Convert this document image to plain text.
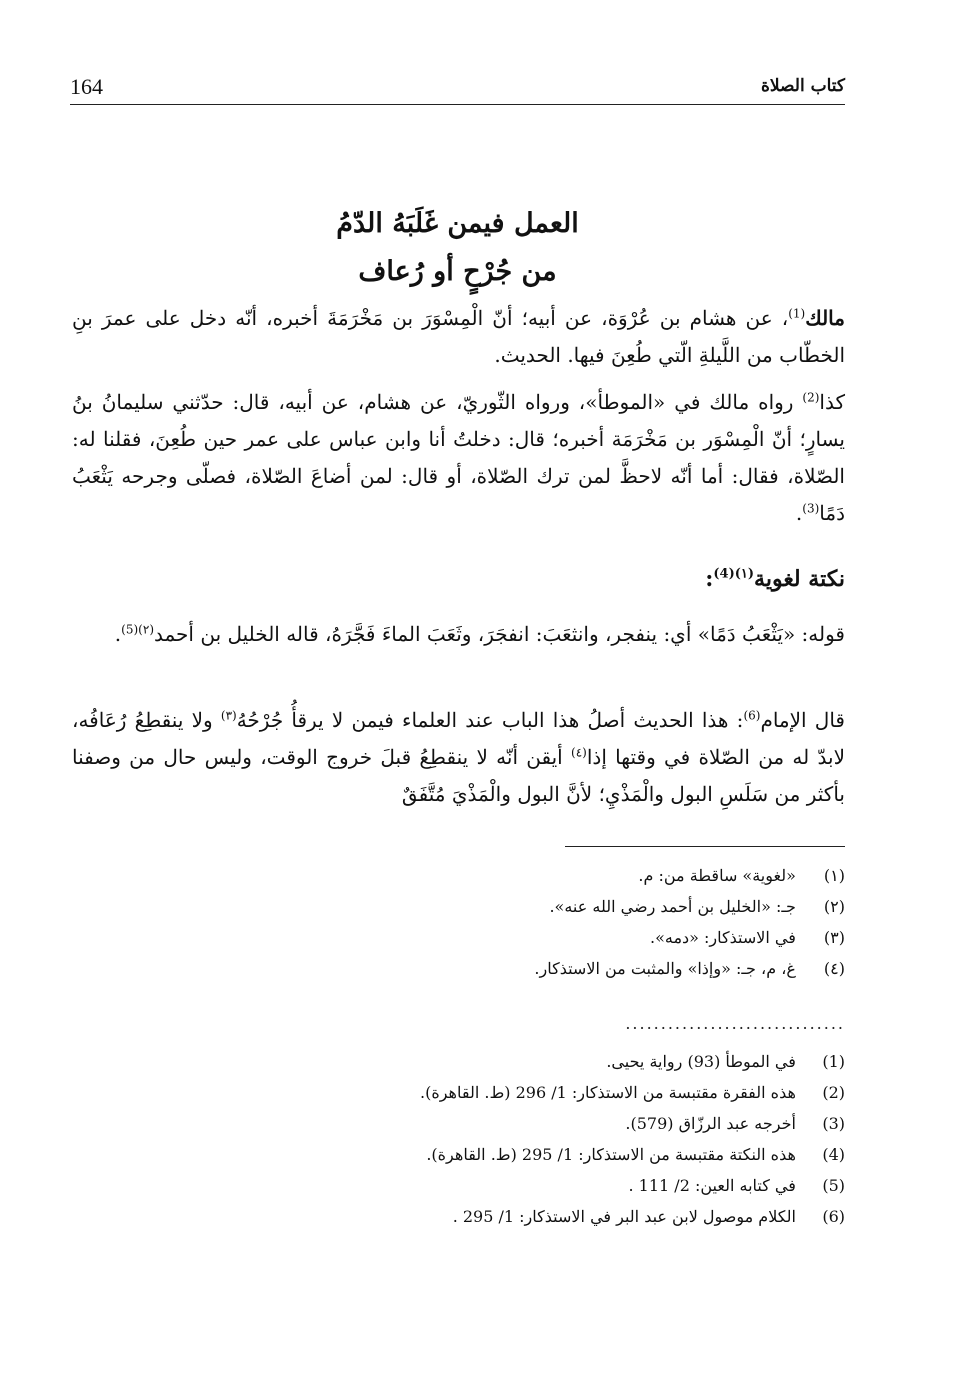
164	كتاب الصلاة
العمل فيمن غَلَبَهُ الدّمُ
من جُرْحٍ أو رُعاف
مالك$^{(1)}$، عن هشام بن عُرْوَة، عن أبيه؛ أنّ الْمِسْوَرَ بن مَخْرَمَةَ أخبره، أنّه دخل على عمرَ بنِ الخطّاب من اللَّيلةِ الّتي طُعِنَ فيها. الحديث.
كذا$^{(2)}$ رواه مالك في «الموطأ»، ورواه الثّوريّ، عن هشام، عن أبيه، قال: حدّثني سليمانُ بنُ يسارٍ؛ أنّ الْمِسْوَر بن مَخْرَمَة أخبره؛ قال: دخلتُ أنا وابن عباس على عمر حين طُعِنَ، فقلنا له: الصّلاة، فقال: أما أنّه لاحظَّ لمن ترك الصّلاة، أو قال: لمن أضاعَ الصّلاة، فصلّى وجرحه يَثْعَبُ دَمًا$^{(3)}$.
نكتة لغوية$^{(١)(4)}$:
قوله: «يَثْعَبُ دَمًا» أي: ينفجر، وانثعَبَ: انفجَرَ، وثَعَبَ الماءَ فَجَّرَهُ، قاله الخليل بن أحمد$^{(٢)(5)}$.
قال الإمام$^{(6)}$: هذا الحديث أصلُ هذا الباب عند العلماء فيمن لا يرقأُ جُرْحُهُ$^{(٣)}$ ولا ينقطِعُ رُعَافُه، لابدّ له من الصّلاة في وقتها إذا$^{(٤)}$ أيقن أنّه لا ينقطِعُ قبلَ خروج الوقت، وليس حال من وصفنا بأكثر من سَلَسِ البول والْمَذْيِ؛ لأنَّ البول والْمَذْيَ مُتَّفَقٌ
(١) «لغوية» ساقطة من: م.
(٢) جـ: «الخليل بن أحمد رضي الله عنه».
(٣) في الاستذكار: «دمه».
(٤) غ، م، جـ: «وإذا» والمثبت من الاستذكار.
...............................
(1) في الموطأ (93) رواية يحيى.
(2) هذه الفقرة مقتبسة من الاستذكار: 1/ 296 (ط. القاهرة).
(3) أخرجه عبد الرزّاق (579).
(4) هذه النكتة مقتبسة من الاستذكار: 1/ 295 (ط. القاهرة).
(5) في كتابه العين: 2/ 111 .
(6) الكلام موصول لابن عبد البر في الاستذكار: 1/ 295 .
